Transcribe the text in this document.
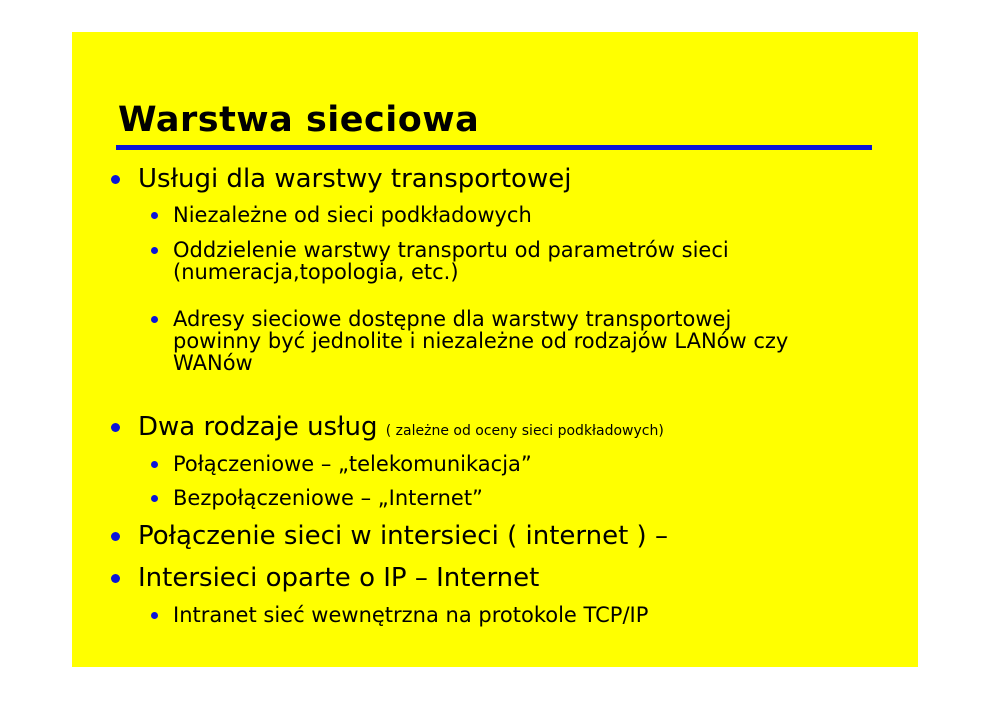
Warstwa sieciowa

Usługi dla warstwy transportowej

Niezależne od sieci podkładowych

Oddzielenie warstwy transportu od parametrów sieci
(numeracja,topologia, etc.)

Adresy sieciowe dostępne dla warstwy transportowej
powinny być jednolite i niezależne od rodzajów LANów czy
WANów

Dwa rodzaje usług ( zależne od oceny sieci podkładowych)

Połączeniowe – „telekomunikacja”

Bezpołączeniowe – „Internet”

Połączenie sieci w intersieci ( internet ) –

Intersieci oparte o IP – Internet

Intranet sieć wewnętrzna na protokole TCP/IP
